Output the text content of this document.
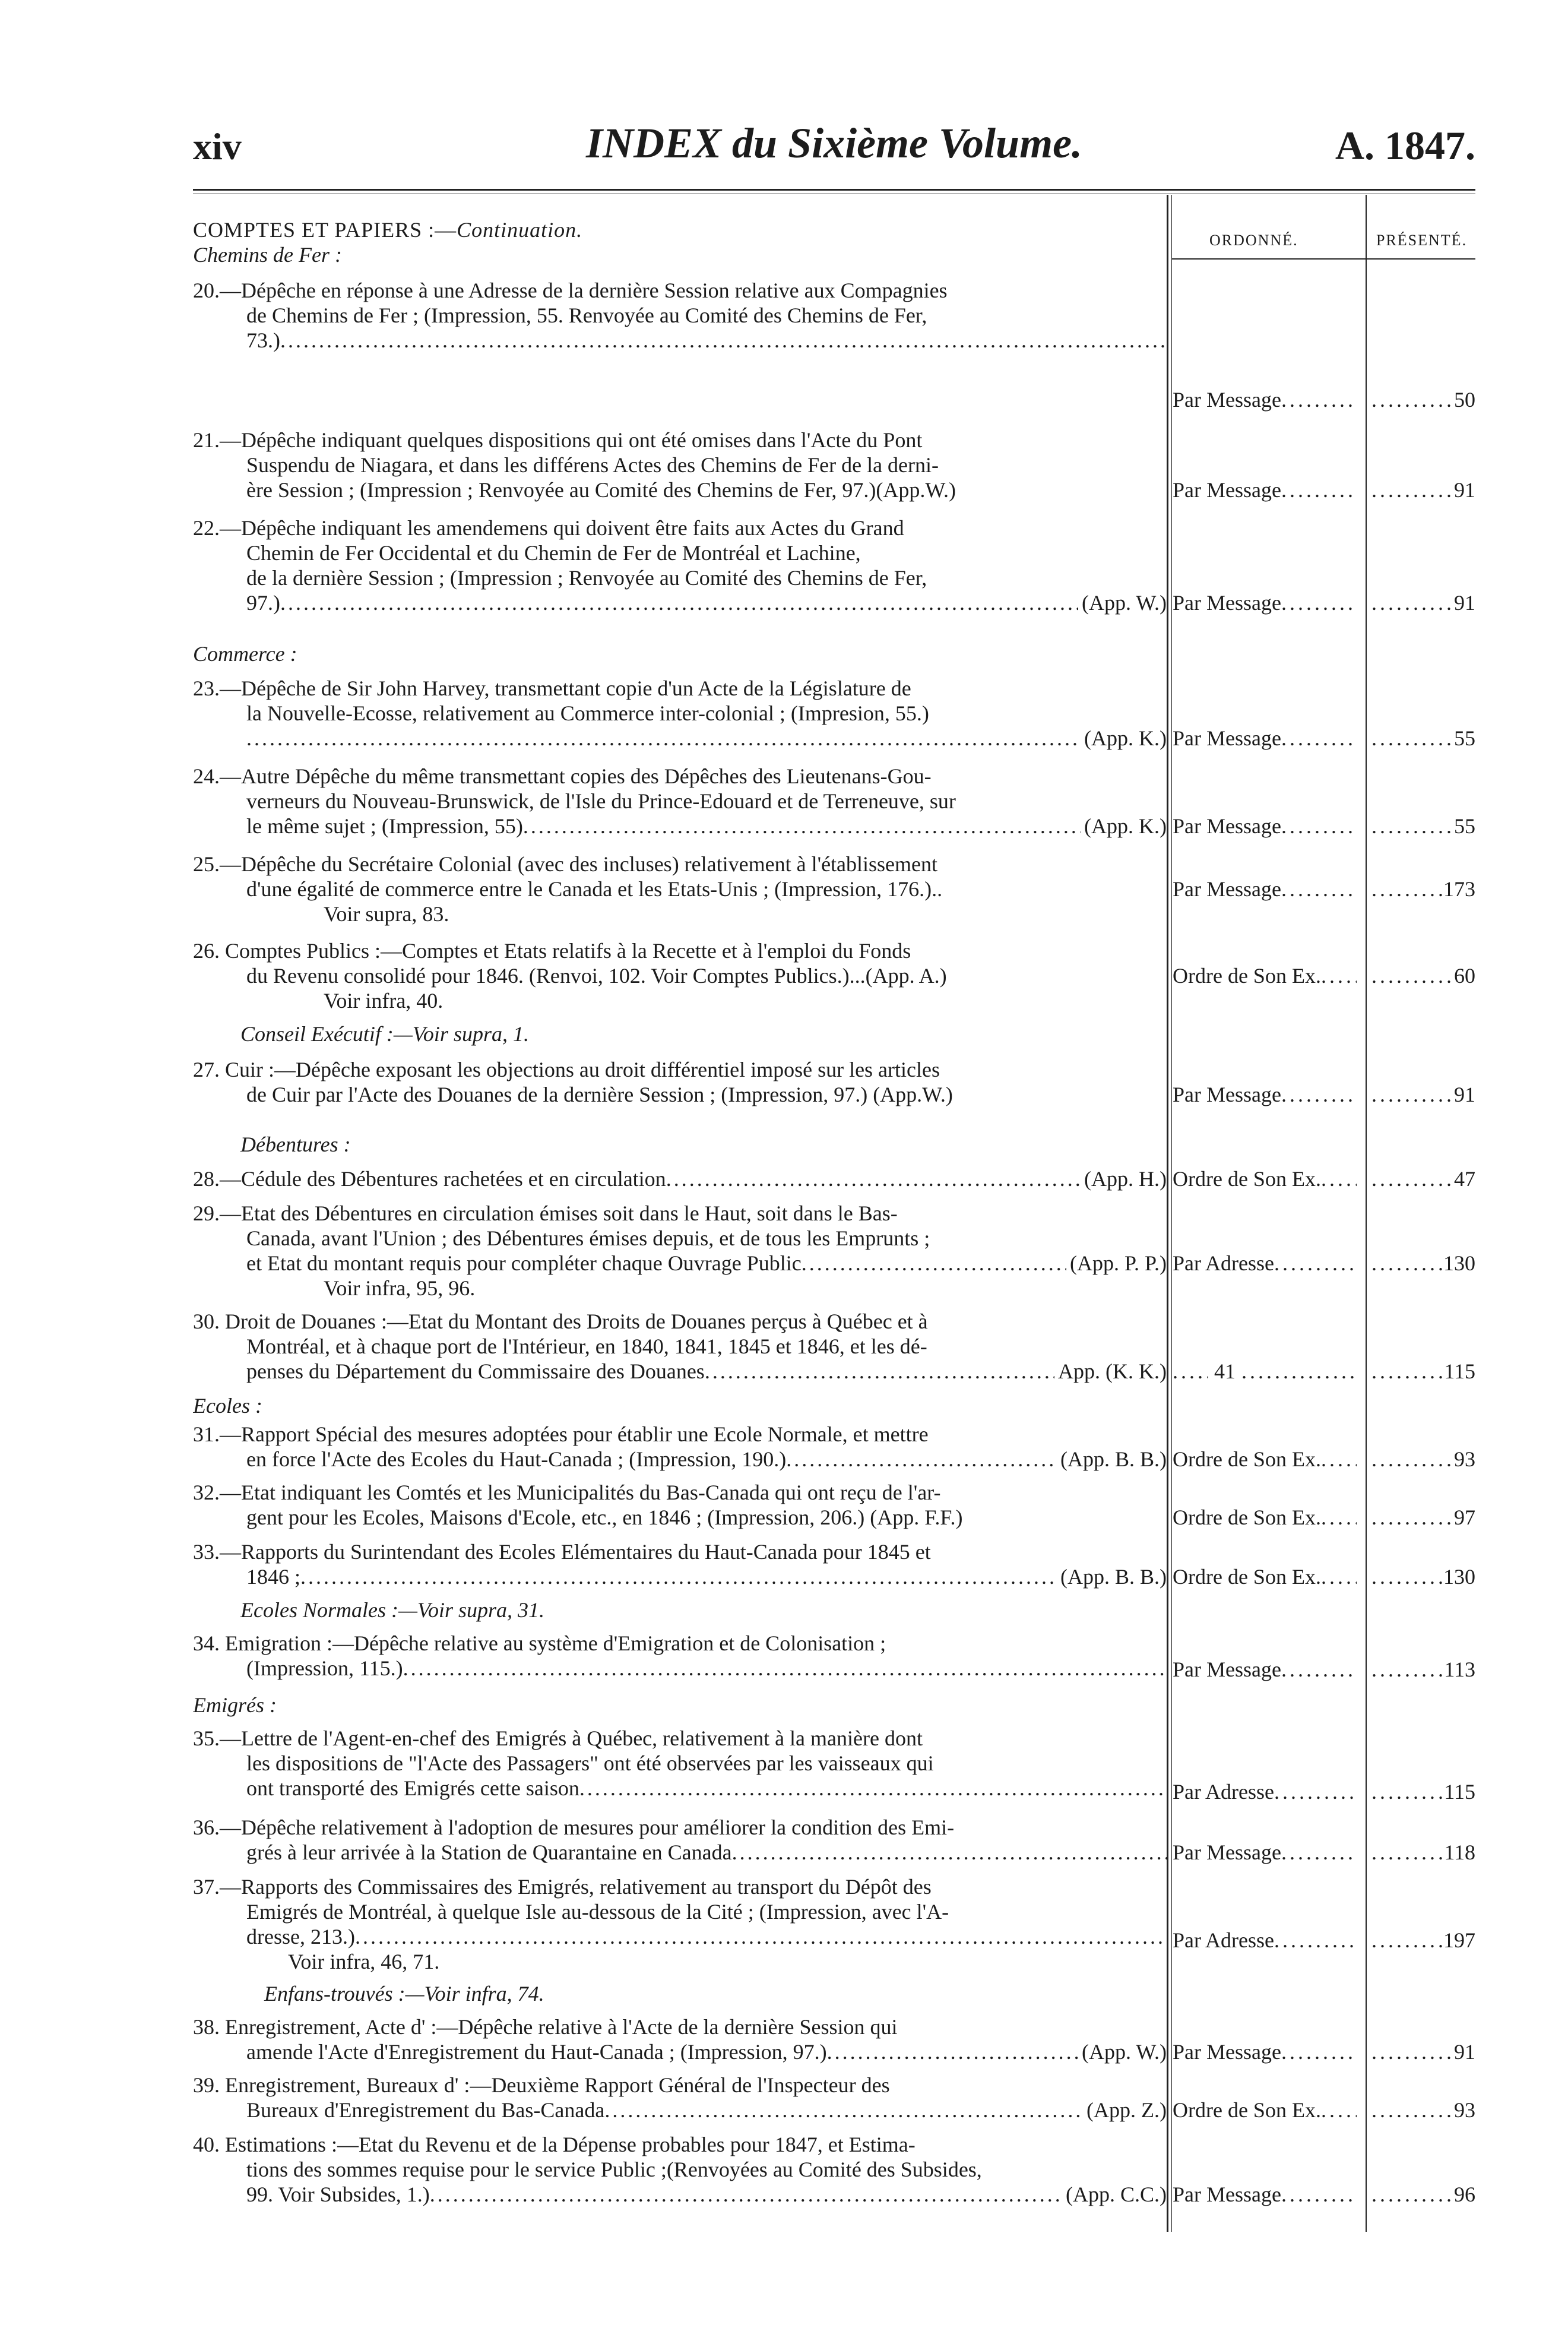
xiv	INDEX du Sixième Volume.	A. 1847.
ORDONNÉ.	PRÉSENTÉ.
COMPTES ET PAPIERS :—Continuation.
Chemins de Fer :
20.—Dépêche en réponse à une Adresse de la dernière Session relative aux Compagnies
de Chemins de Fer ; (Impression, 55. Renvoyée au Comité des Chemins de Fer,
73.)
.....
Par Message ..... .....	50
21.—Dépêche indiquant quelques dispositions qui ont été omises dans l'Acte du Pont
Suspendu de Niagara, et dans les différens Actes des Chemins de Fer de la derni-
ère Session ; (Impression ; Renvoyée au Comité des Chemins de Fer, 97.)(App.W.)	Par Message ..... .....	91
22.—Dépêche indiquant les amendemens qui doivent être faits aux Actes du Grand
Chemin de Fer Occidental et du Chemin de Fer de Montréal et Lachine,
de la dernière Session ; (Impression ; Renvoyée au Comité des Chemins de Fer,
97.) .....	(App. W.) Par Message ..... .....	91
Commerce :
23.—Dépêche de Sir John Harvey, transmettant copie d'un Acte de la Législature de
la Nouvelle-Ecosse, relativement au Commerce inter-colonial ; (Impresion, 55.)
.....
(App. K.) Par Message ..... .....	55
24.—Autre Dépêche du même transmettant copies des Dépêches des Lieutenans-Gou-
verneurs du Nouveau-Brunswick, de l'Isle du Prince-Edouard et de Terreneuve, sur
le même sujet ; (Impression, 55) .....	(App. K.) Par Message ..... .....	55
25.—Dépêche du Secrétaire Colonial (avec des incluses) relativement à l'établissement
d'une égalité de commerce entre le Canada et les Etats-Unis ; (Impression, 176.)..
Voir supra, 83.
Par Message ..... .....	173
26. Comptes Publics :—Comptes et Etats relatifs à la Recette et à l'emploi du Fonds
du Revenu consolidé pour 1846. (Renvoi, 102. Voir Comptes Publics.)...(App. A.)
Voir infra, 40.
Ordre de Son Ex. ..... .....	60
Conseil Exécutif :—Voir supra, 1.
27. Cuir :—Dépêche exposant les objections au droit différentiel imposé sur les articles
de Cuir par l'Acte des Douanes de la dernière Session ; (Impression, 97.) (App.W.)	Par Message ..... .....	91
Débentures :
28.—Cédule des Débentures rachetées et en circulation .....	(App. H.) Ordre de Son Ex. ..... .....	47
29.—Etat des Débentures en circulation émises soit dans le Haut, soit dans le Bas-
Canada, avant l'Union ; des Débentures émises depuis, et de tous les Emprunts ;
et Etat du montant requis pour compléter chaque Ouvrage Public .....	(App. P. P.)
Voir infra, 95, 96.
Par Adresse ..... .....	130
30. Droit de Douanes :—Etat du Montant des Droits de Douanes perçus à Québec et à
Montréal, et à chaque port de l'Intérieur, en 1840, 1841, 1845 et 1846, et les dé-
penses du Département du Commissaire des Douanes .....	App. (K. K.) ..... 41 ..... .....	115
Ecoles :
31.—Rapport Spécial des mesures adoptées pour établir une Ecole Normale, et mettre
en force l'Acte des Ecoles du Haut-Canada ; (Impression, 190.) .....	(App. B. B.) Ordre de Son Ex. ..... .....	93
32.—Etat indiquant les Comtés et les Municipalités du Bas-Canada qui ont reçu de l'ar-
gent pour les Ecoles, Maisons d'Ecole, etc., en 1846 ; (Impression, 206.) (App. F.F.)	Ordre de Son Ex. ..... .....	97
33.—Rapports du Surintendant des Ecoles Elémentaires du Haut-Canada pour 1845 et
1846 ; .....	(App. B. B.) Ordre de Son Ex. ..... .....	130
Ecoles Normales :—Voir supra, 31.
34. Emigration :—Dépêche relative au système d'Emigration et de Colonisation ;
(Impression, 115.) .....	Par Message ..... .....	113
Emigrés :
35.—Lettre de l'Agent-en-chef des Emigrés à Québec, relativement à la manière dont
les dispositions de "l'Acte des Passagers" ont été observées par les vaisseaux qui
ont transporté des Emigrés cette saison .....	Par Adresse ..... .....	115
36.—Dépêche relativement à l'adoption de mesures pour améliorer la condition des Emi-
grés à leur arrivée à la Station de Quarantaine en Canada .....	Par Message ..... .....	118
37.—Rapports des Commissaires des Emigrés, relativement au transport du Dépôt des
Emigrés de Montréal, à quelque Isle au-dessous de la Cité ; (Impression, avec l'A-
dresse, 213.)
.....
Voir infra, 46, 71.
Par Adresse ..... .....	197
Enfans-trouvés :—Voir infra, 74.
38. Enregistrement, Acte d' :—Dépêche relative à l'Acte de la dernière Session qui
amende l'Acte d'Enregistrement du Haut-Canada ; (Impression, 97.) .....	(App. W.) Par Message ..... .....	91
39. Enregistrement, Bureaux d' :—Deuxième Rapport Général de l'Inspecteur des
Bureaux d'Enregistrement du Bas-Canada .....	(App. Z.) Ordre de Son Ex. ..... .....	93
40. Estimations :—Etat du Revenu et de la Dépense probables pour 1847, et Estima-
tions des sommes requise pour le service Public ;(Renvoyées au Comité des Subsides,
99. Voir Subsides, 1.) .....	(App. C.C.) Par Message ..... .....	96
